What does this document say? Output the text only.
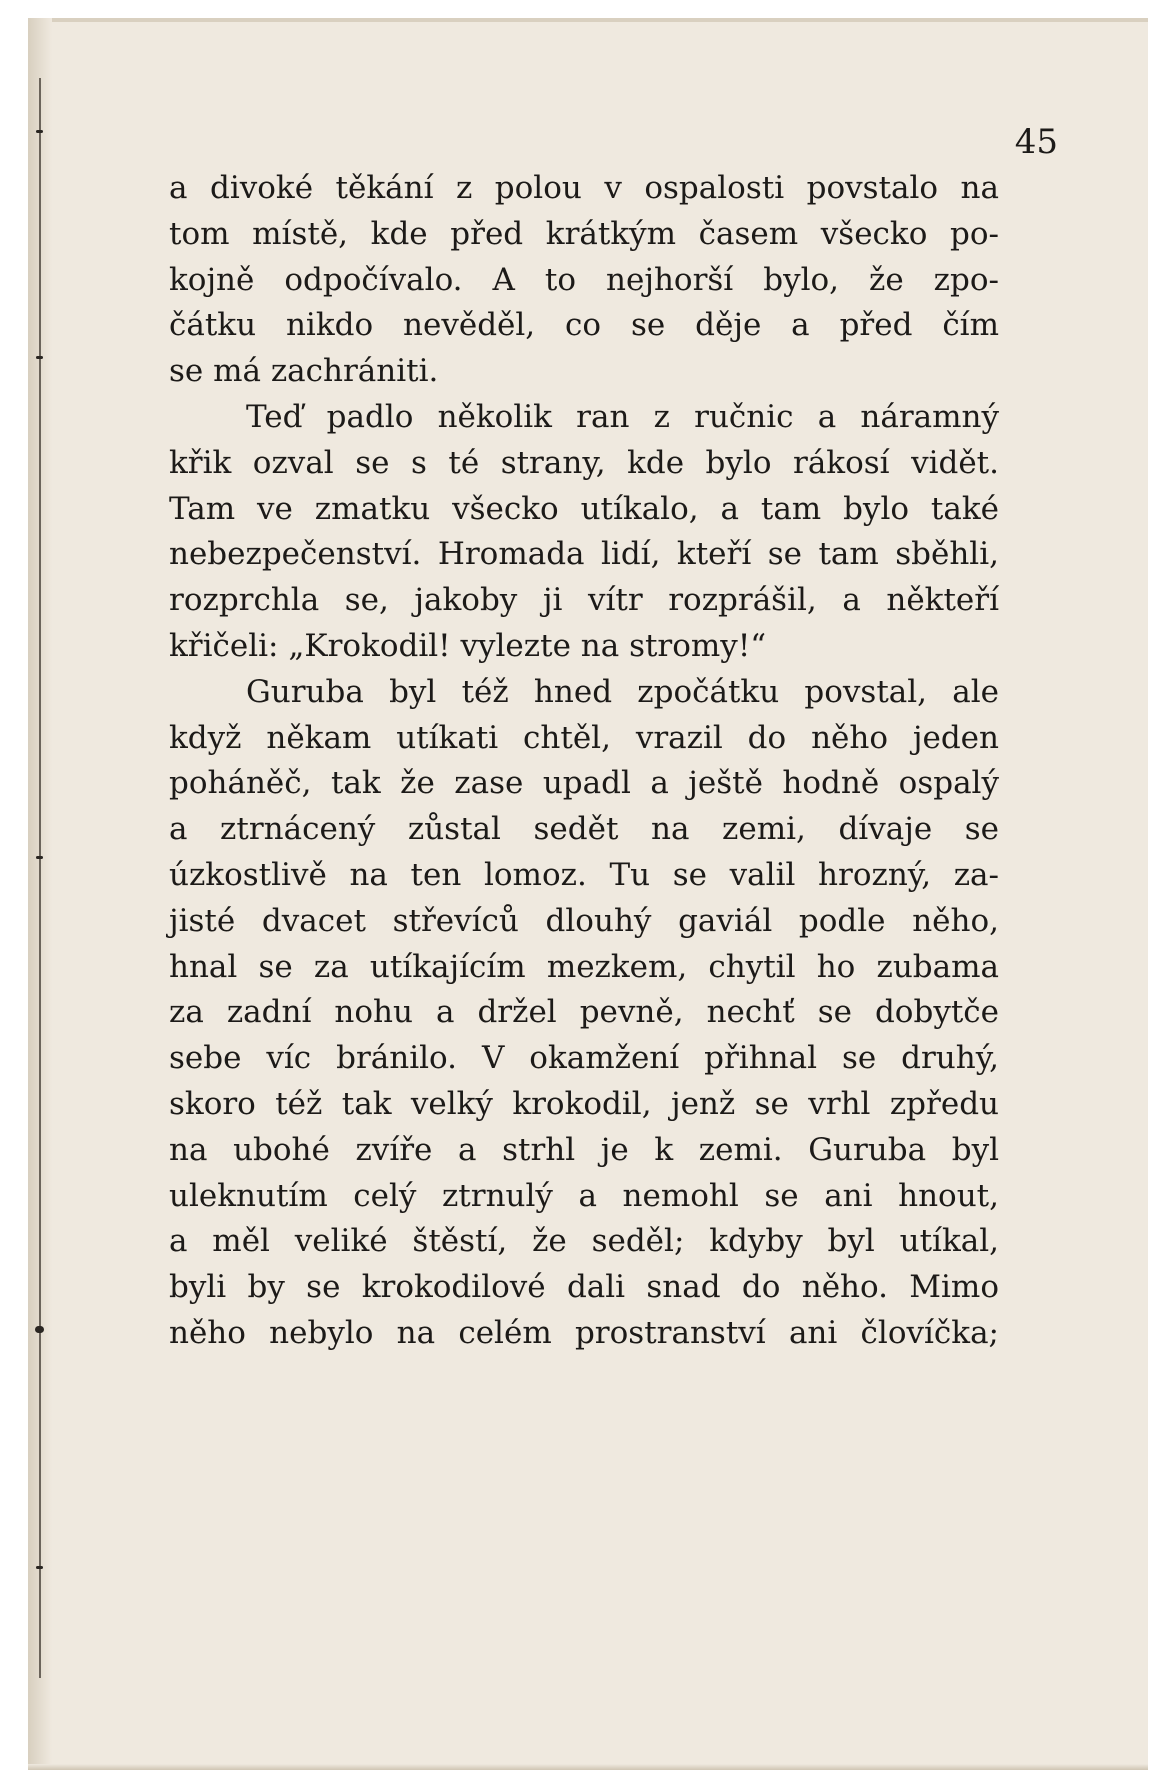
45

a divoké těkání z polou v ospalosti povstalo na
tom místě, kde před krátkým časem všecko po-
kojně odpočívalo. A to nejhorší bylo, že zpo-
čátku nikdo nevěděl, co se děje a před čím
se má zachrániti.
Teď padlo několik ran z ručnic a náramný
křik ozval se s té strany, kde bylo rákosí vidět.
Tam ve zmatku všecko utíkalo, a tam bylo také
nebezpečenství. Hromada lidí, kteří se tam sběhli,
rozprchla se, jakoby ji vítr rozprášil, a někteří
křičeli: „Krokodil! vylezte na stromy!“
Guruba byl též hned zpočátku povstal, ale
když někam utíkati chtěl, vrazil do něho jeden
poháněč, tak že zase upadl a ještě hodně ospalý
a ztrnácený zůstal sedět na zemi, dívaje se
úzkostlivě na ten lomoz. Tu se valil hrozný, za-
jisté dvacet střevíců dlouhý gaviál podle něho,
hnal se za utíkajícím mezkem, chytil ho zubama
za zadní nohu a držel pevně, nechť se dobytče
sebe víc bránilo. V okamžení přihnal se druhý,
skoro též tak velký krokodil, jenž se vrhl zpředu
na ubohé zvíře a strhl je k zemi. Guruba byl
uleknutím celý ztrnulý a nemohl se ani hnout,
a měl veliké štěstí, že seděl; kdyby byl utíkal,
byli by se krokodilové dali snad do něho. Mimo
něho nebylo na celém prostranství ani človíčka;
